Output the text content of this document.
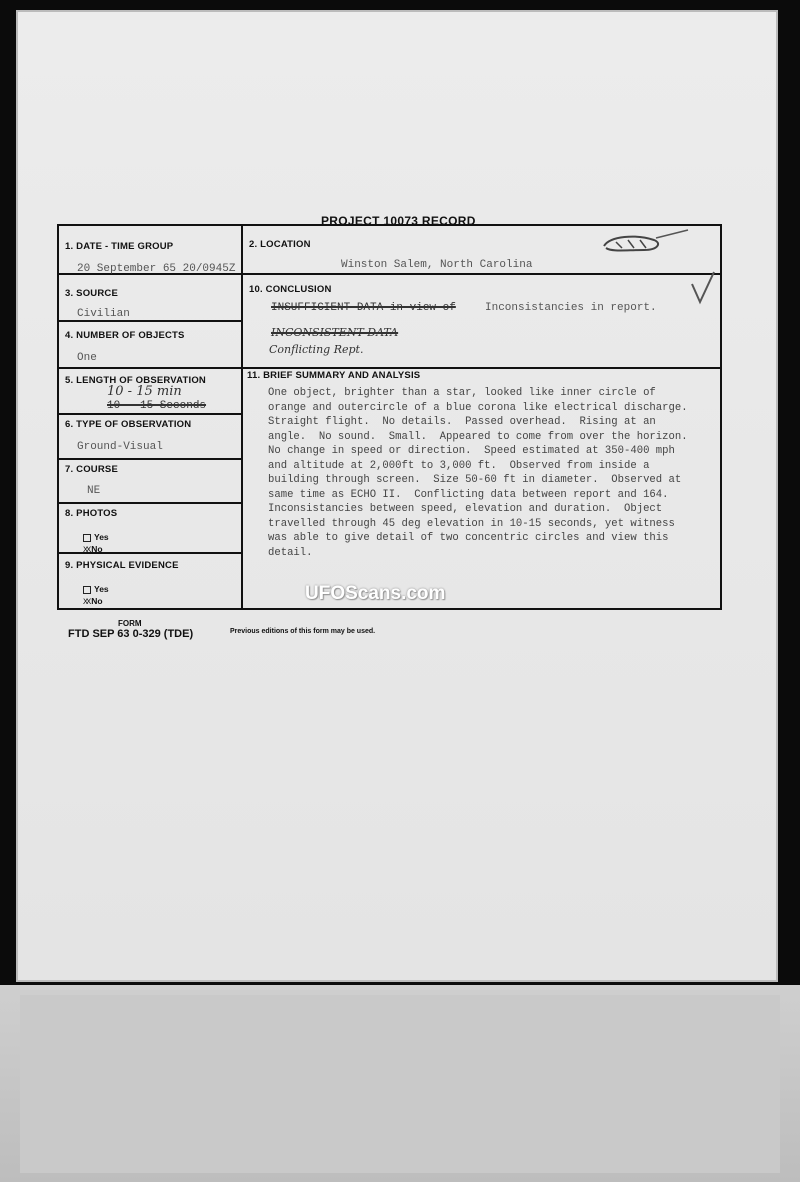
PROJECT 10073 RECORD
1. DATE - TIME GROUP
20 September 65 20/0945Z
2. LOCATION
Winston Salem, North Carolina
3. SOURCE
Civilian
10. CONCLUSION
INSUFFICIENT DATA in view of	Inconsistancies in report.
INCONSISTENT DATA
Conflicting Rept.
4. NUMBER OF OBJECTS
One
11. BRIEF SUMMARY AND ANALYSIS
5. LENGTH OF OBSERVATION
10 - 15 min
10 - 15 Seconds
6. TYPE OF OBSERVATION
Ground-Visual
7. COURSE
NE
8. PHOTOS
Yes
XX No
9. PHYSICAL EVIDENCE
Yes
XX No
One object, brighter than a star, looked like inner circle of
orange and outercircle of a blue corona like electrical discharge.
Straight flight.  No details.  Passed overhead.  Rising at an
angle.  No sound.  Small.  Appeared to come from over the horizon.
No change in speed or direction.  Speed estimated at 350-400 mph
and altitude at 2,000ft to 3,000 ft.  Observed from inside a
building through screen.  Size 50-60 ft in diameter.  Observed at
same time as ECHO II.  Conflicting data between report and 164.
Inconsistancies between speed, elevation and duration.  Object
travelled through 45 deg elevation in 10-15 seconds, yet witness
was able to give detail of two concentric circles and view this
detail.
FORM
FTD SEP 63 0-329 (TDE)	Previous editions of this form may be used.
UFOScans.com
